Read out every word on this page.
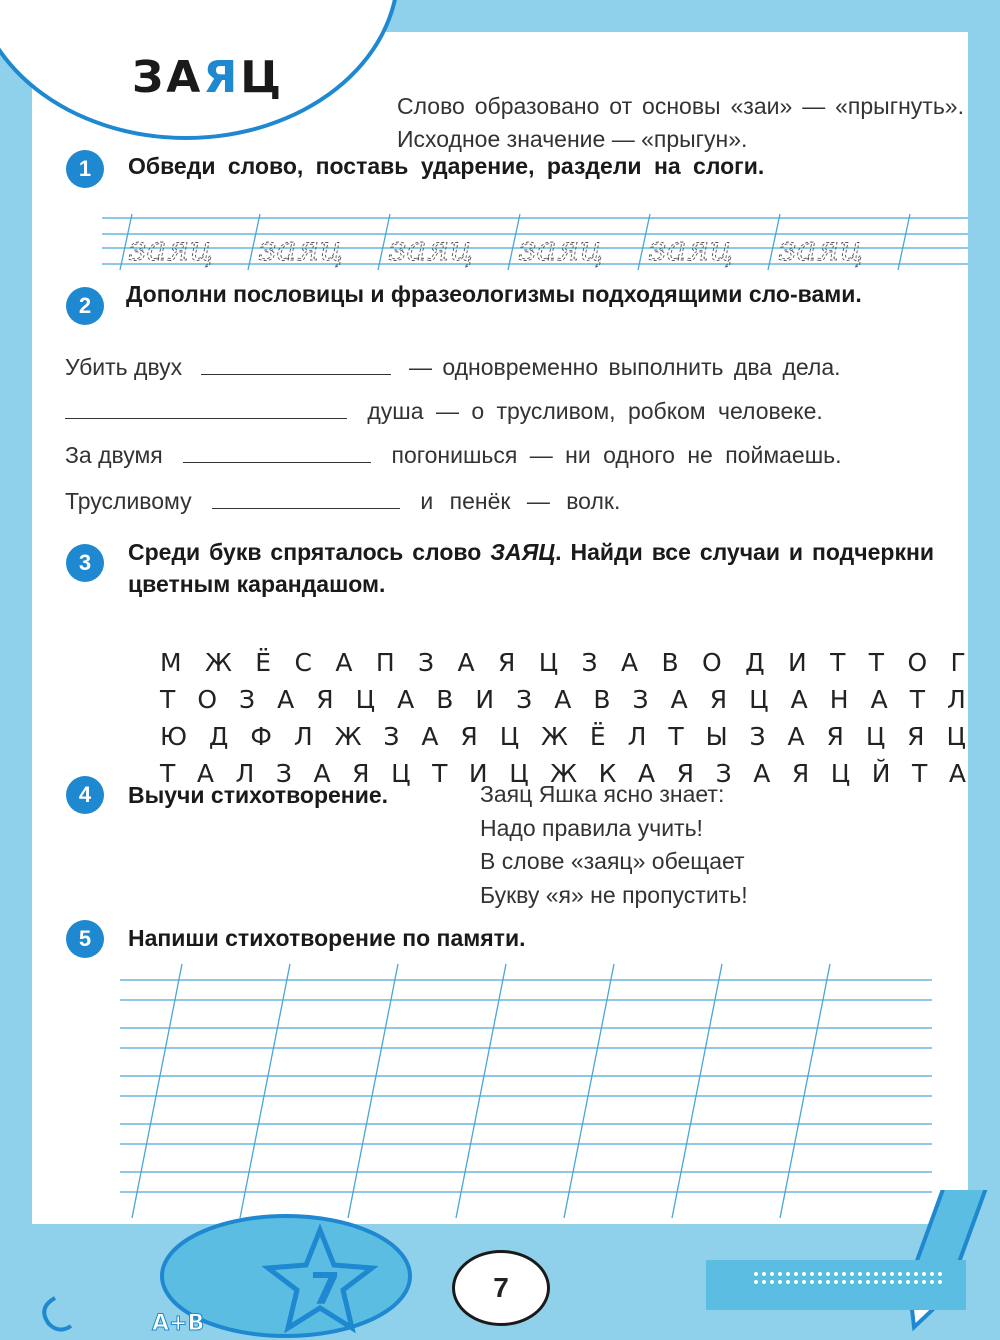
ЗАЯЦ
Слово образовано от основы «заи» — «прыгнуть». Исходное значение — «прыгун».
1	Обведи слово, поставь ударение, раздели на слоги.
заяц заяц заяц заяц заяц заяц
2	Дополни пословицы и фразеологизмы подходящими сло-вами.
Убить двух	— одновременно выполнить два дела.
душа — о трусливом, робком человеке.
За двумя	погонишься — ни одного не поймаешь.
Трусливому	и пенёк — волк.
3	Среди букв спряталось слово ЗАЯЦ. Найди все случаи и подчеркни цветным карандашом.
М Ж Ё С А П З А Я Ц З А В О Д И Т Т О Г
Т О З А Я Ц А В И З А В З А Я Ц А Н А Т Л
Ю Д Ф Л Ж З А Я Ц Ж Ё Л Т Ы З А Я Ц Я Ц
Т А Л З А Я Ц Т И Ц Ж К А Я З А Я Ц Й Т А
4	Выучи стихотворение.	Заяц Яшка ясно знает:
Надо правила учить!
В слове «заяц» обещает
Букву «я» не пропустить!
5	Напиши стихотворение по памяти.
7
A+B
7
